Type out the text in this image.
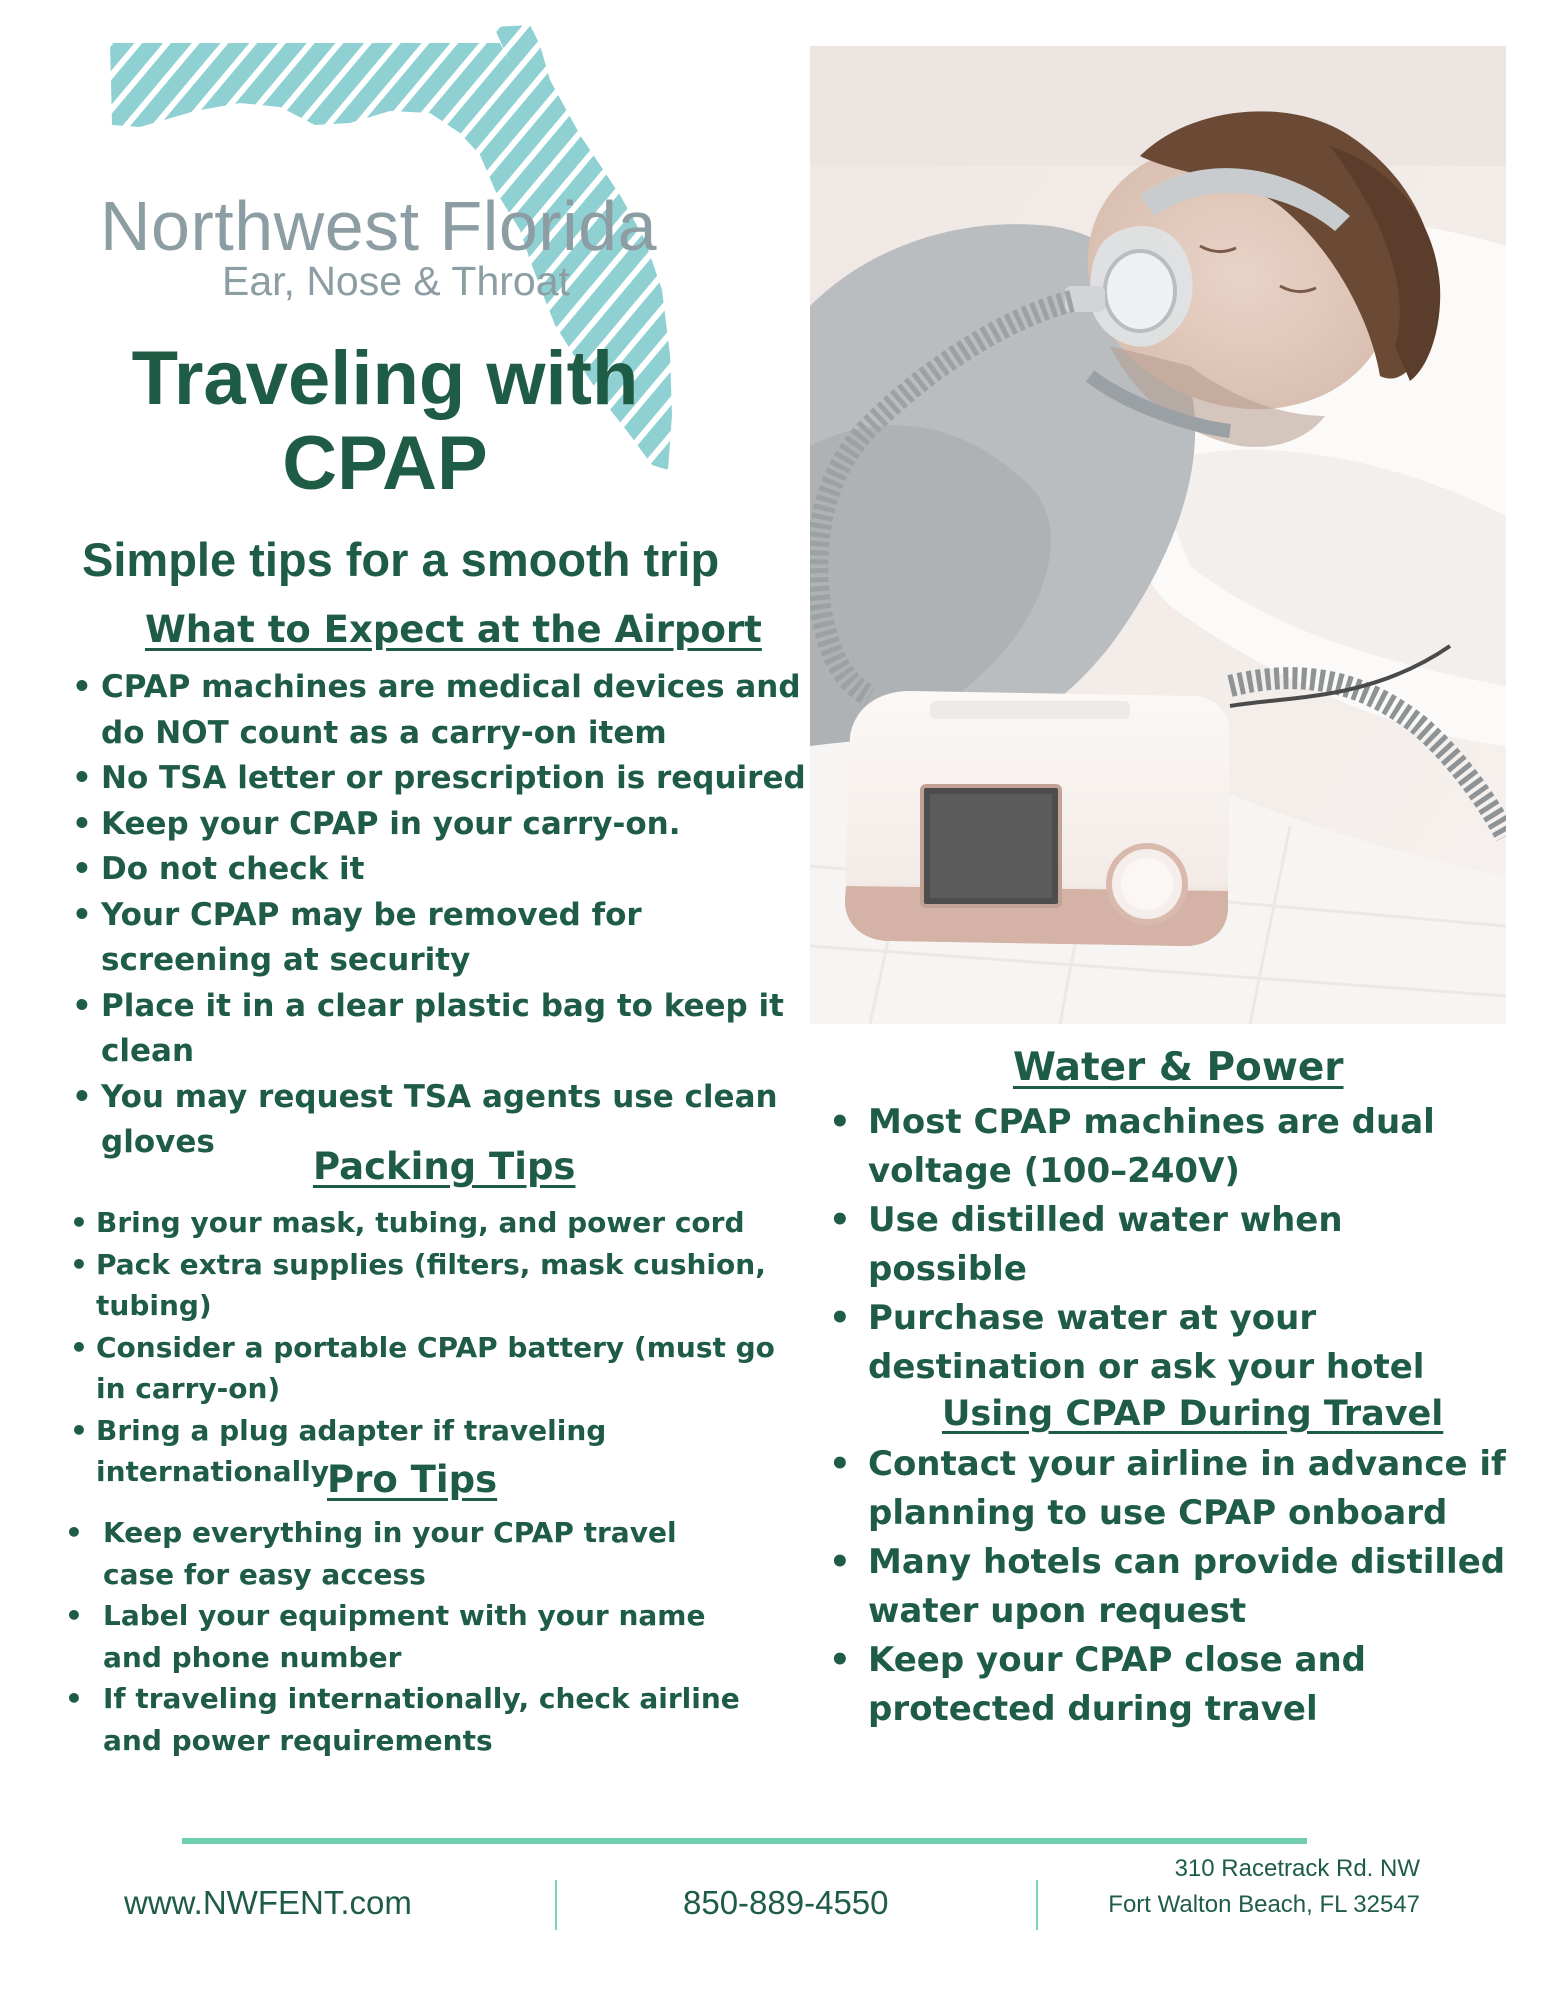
Northwest Florida
Ear, Nose & Throat
Traveling with
CPAP
Simple tips for a smooth trip
What to Expect at the Airport
• CPAP machines are medical devices and do NOT count as a carry-on item
• No TSA letter or prescription is required
• Keep your CPAP in your carry-on.
• Do not check it
• Your CPAP may be removed for screening at security
• Place it in a clear plastic bag to keep it clean
• You may request TSA agents use clean gloves
Packing Tips
• Bring your mask, tubing, and power cord
• Pack extra supplies (filters, mask cushion, tubing)
• Consider a portable CPAP battery (must go in carry-on)
• Bring a plug adapter if traveling internationally
Pro Tips
• Keep everything in your CPAP travel case for easy access
• Label your equipment with your name and phone number
• If traveling internationally, check airline and power requirements
Water & Power
• Most CPAP machines are dual voltage (100–240V)
• Use distilled water when possible
• Purchase water at your destination or ask your hotel
Using CPAP During Travel
• Contact your airline in advance if planning to use CPAP onboard
• Many hotels can provide distilled water upon request
• Keep your CPAP close and protected during travel
www.NWFENT.com	850-889-4550
310 Racetrack Rd. NW
Fort Walton Beach, FL 32547
